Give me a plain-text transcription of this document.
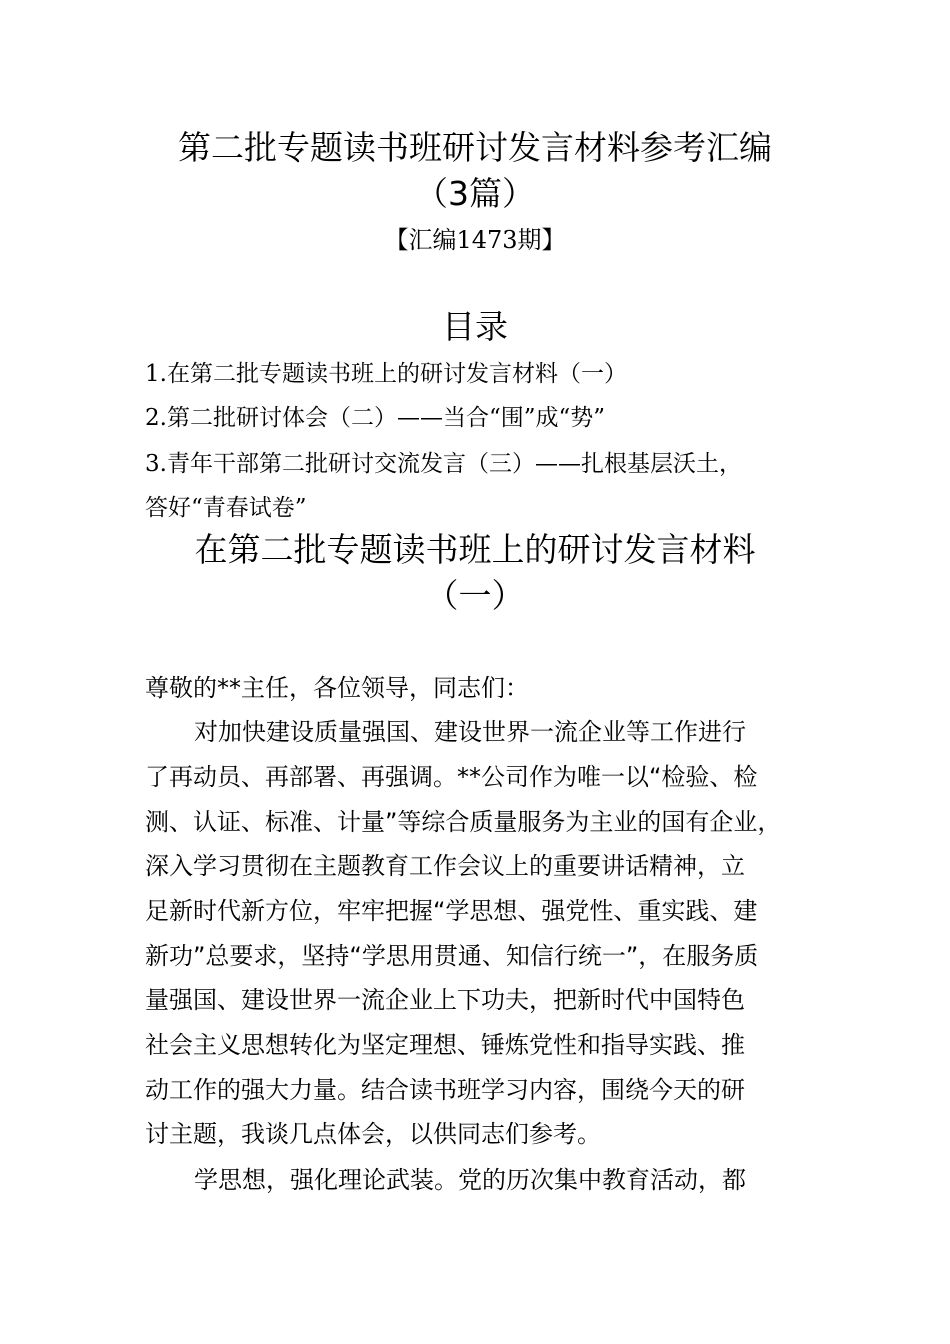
第二批专题读书班研讨发言材料参考汇编
（3篇）
【汇编1473期】
目录
1.在第二批专题读书班上的研讨发言材料（一）
2.第二批研讨体会（二）——当合“围”成“势”
3.青年干部第二批研讨交流发言（三）——扎根基层沃土，
答好“青春试卷”
在第二批专题读书班上的研讨发言材料
（一）
尊敬的**主任，各位领导，同志们：
对加快建设质量强国、建设世界一流企业等工作进行
了再动员、再部署、再强调。**公司作为唯一以“检验、检
测、认证、标准、计量”等综合质量服务为主业的国有企业，
深入学习贯彻在主题教育工作会议上的重要讲话精神，立
足新时代新方位，牢牢把握“学思想、强党性、重实践、建
新功”总要求，坚持“学思用贯通、知信行统一”，在服务质
量强国、建设世界一流企业上下功夫，把新时代中国特色
社会主义思想转化为坚定理想、锤炼党性和指导实践、推
动工作的强大力量。结合读书班学习内容，围绕今天的研
讨主题，我谈几点体会，以供同志们参考。
学思想，强化理论武装。党的历次集中教育活动，都
